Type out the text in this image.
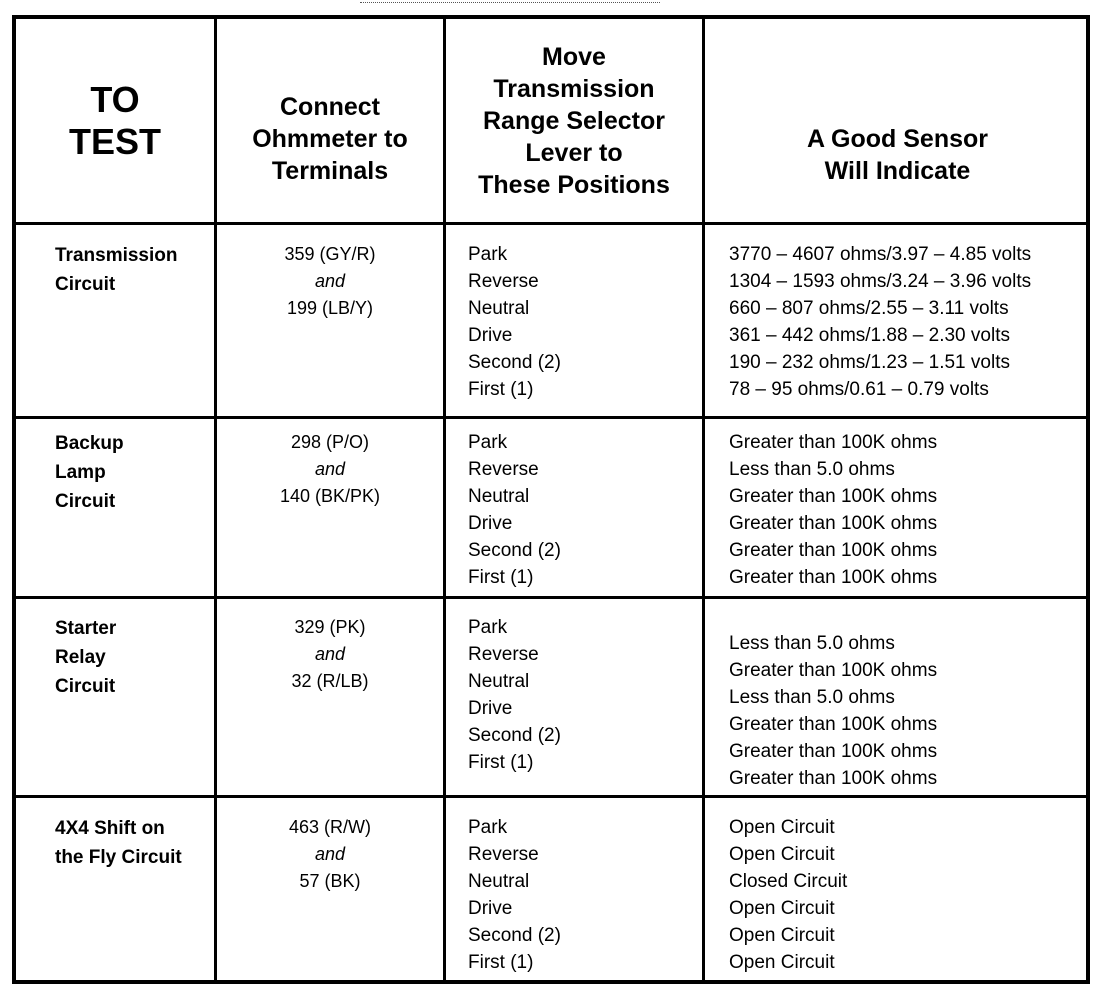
TO
TEST
Connect
Ohmmeter to
Terminals
Move
Transmission
Range Selector
Lever to
These Positions
A Good Sensor
Will Indicate
Transmission
Circuit
359 (GY/R)
and
199 (LB/Y)
Park
Reverse
Neutral
Drive
Second (2)
First (1)
3770 – 4607 ohms/3.97 – 4.85 volts
1304 – 1593 ohms/3.24 – 3.96 volts
660 – 807 ohms/2.55 – 3.11 volts
361 – 442 ohms/1.88 – 2.30 volts
190 – 232 ohms/1.23 – 1.51 volts
78 – 95 ohms/0.61 – 0.79 volts
Backup
Lamp
Circuit
298 (P/O)
and
140 (BK/PK)
Park
Reverse
Neutral
Drive
Second (2)
First (1)
Greater than 100K ohms
Less than 5.0 ohms
Greater than 100K ohms
Greater than 100K ohms
Greater than 100K ohms
Greater than 100K ohms
Starter
Relay
Circuit
329 (PK)
and
32 (R/LB)
Park
Reverse
Neutral
Drive
Second (2)
First (1)
Less than 5.0 ohms
Greater than 100K ohms
Less than 5.0 ohms
Greater than 100K ohms
Greater than 100K ohms
Greater than 100K ohms
4X4 Shift on
the Fly Circuit
463 (R/W)
and
57 (BK)
Park
Reverse
Neutral
Drive
Second (2)
First (1)
Open Circuit
Open Circuit
Closed Circuit
Open Circuit
Open Circuit
Open Circuit
